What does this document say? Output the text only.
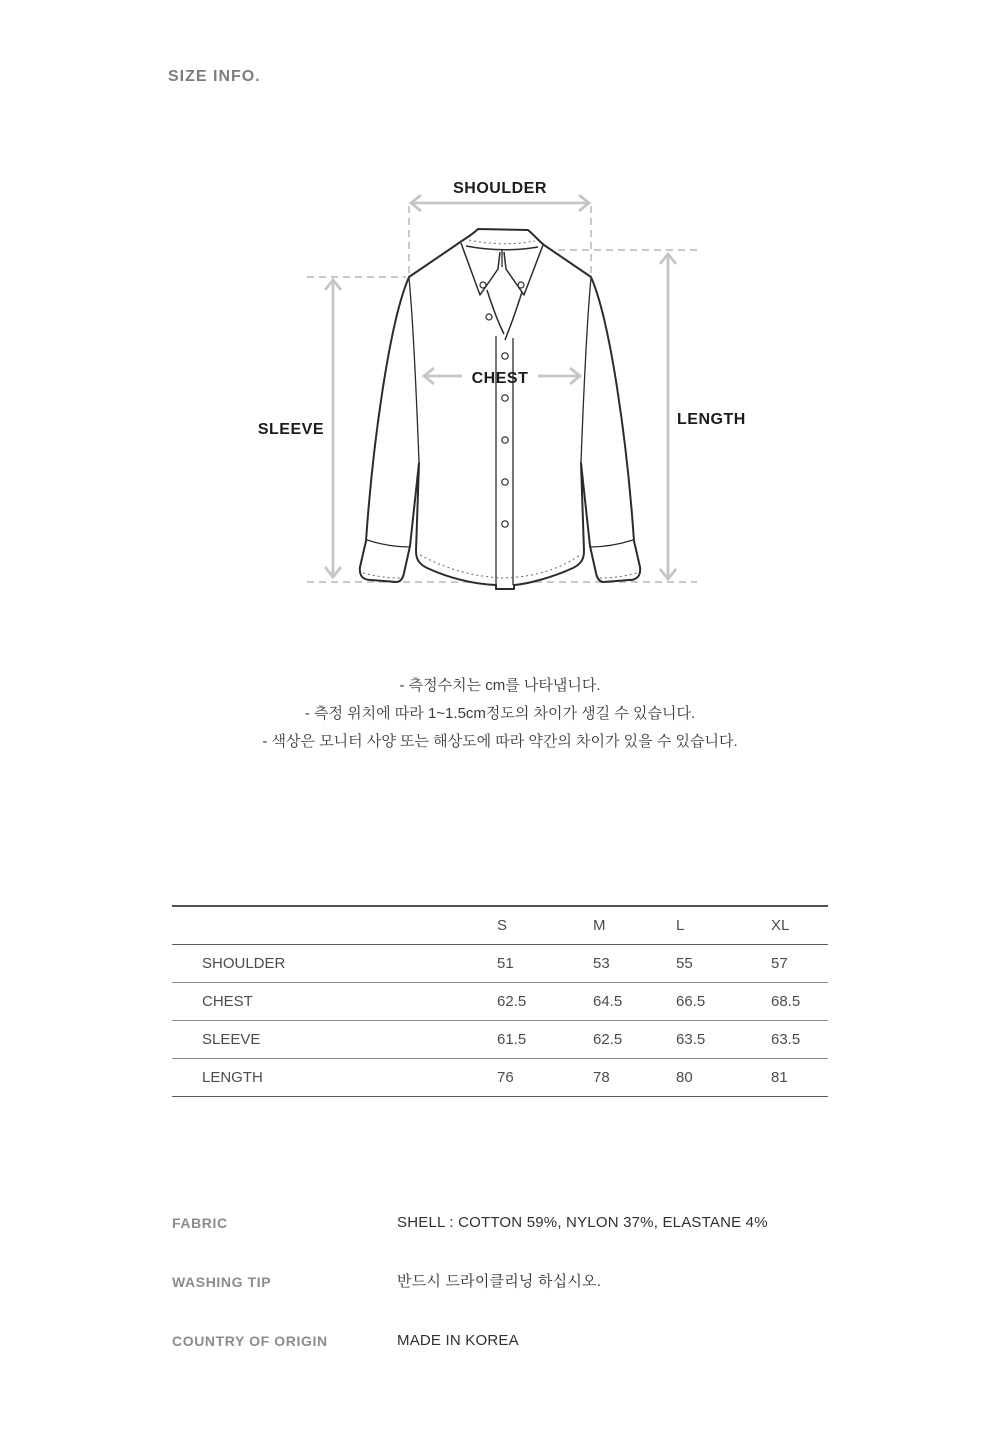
SIZE INFO.
SHOULDER
CHEST
SLEEVE
LENGTH

- 측정수치는 cm를 나타냅니다.

- 측정 위치에 따라 1~1.5cm정도의 차이가 생길 수 있습니다.

- 색상은 모니터 사양 또는 해상도에 따라 약간의 차이가 있을 수 있습니다.

	S	M	L	XL
SHOULDER	51	53	55	57
CHEST	62.5	64.5	66.5	68.5
SLEEVE	61.5	62.5	63.5	63.5
LENGTH	76	78	80	81
FABRIC	SHELL : COTTON 59%, NYLON 37%, ELASTANE 4%
WASHING TIP	반드시 드라이클리닝 하십시오.
COUNTRY OF ORIGIN	MADE IN KOREA
